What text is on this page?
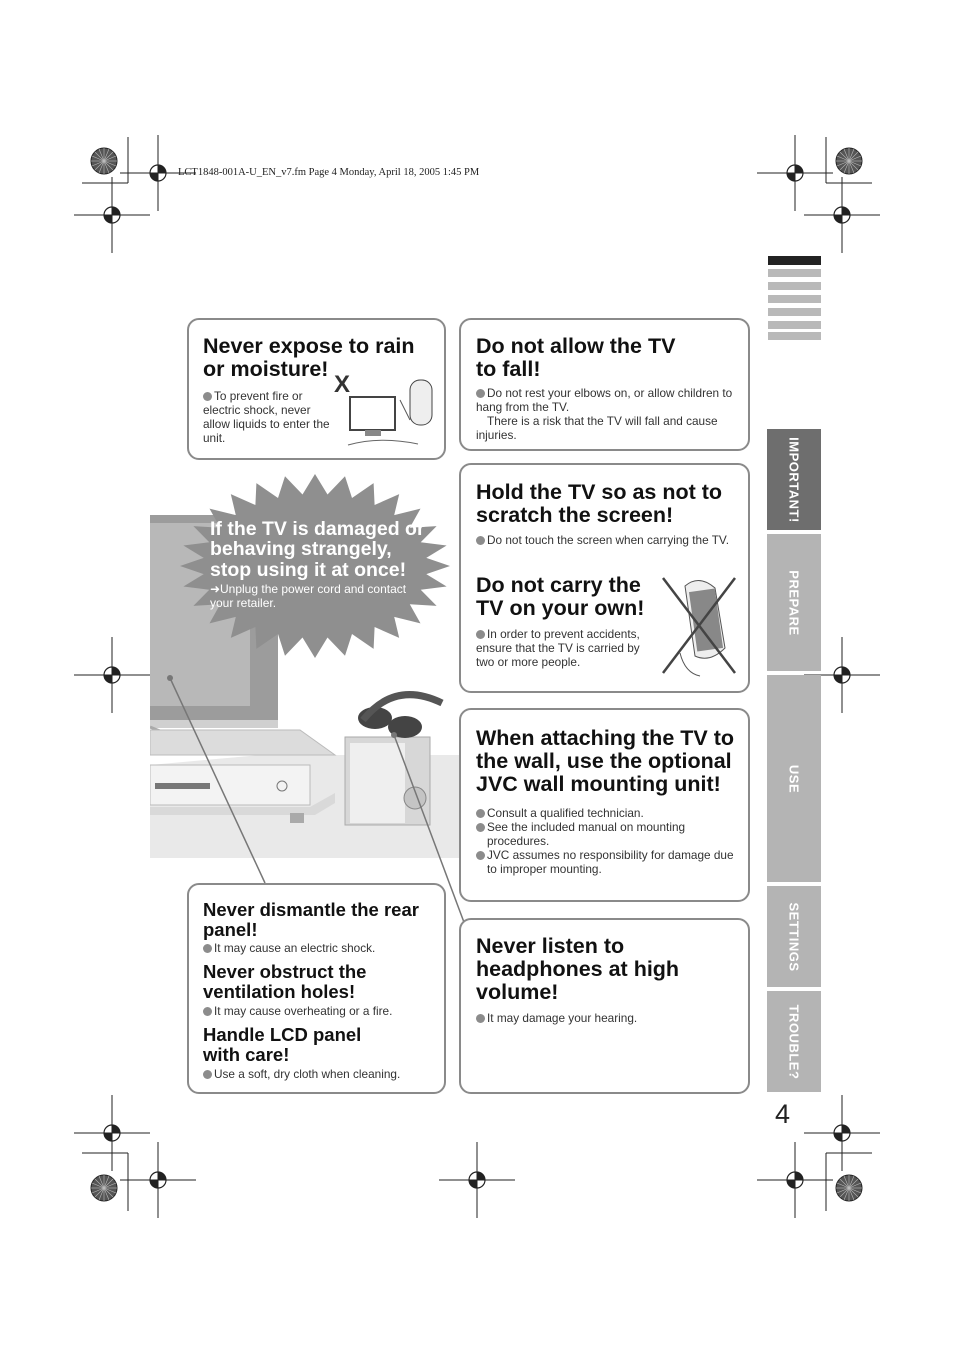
LCT1848-001A-U_EN_v7.fm Page 4 Monday, April 18, 2005 1:45 PM
IMPORTANT!
PREPARE
USE
SETTINGS
TROUBLE?
4
If the TV is damaged or behaving strangely, stop using it at once!
➜Unplug the power cord and contact your retailer.
Never expose to rain or moisture!
To prevent fire or electric shock, never allow liquids to enter the unit.
X
Do not allow the TV to fall!
Do not rest your elbows on, or allow children to hang from the TV.
There is a risk that the TV will fall and cause injuries.
Hold the TV so as not to scratch the screen!
Do not touch the screen when carrying the TV.
Do not carry the TV on your own!
In order to prevent accidents, ensure that the TV is carried by two or more people.
When attaching the TV to the wall, use the optional JVC wall mounting unit!
Consult a qualified technician.
See the included manual on mounting procedures.
JVC assumes no responsibility for damage due to improper mounting.
Never dismantle the rear panel!
It may cause an electric shock.
Never obstruct the ventilation holes!
It may cause overheating or a fire.
Handle LCD panel with care!
Use a soft, dry cloth when cleaning.
Never listen to headphones at high volume!
It may damage your hearing.
